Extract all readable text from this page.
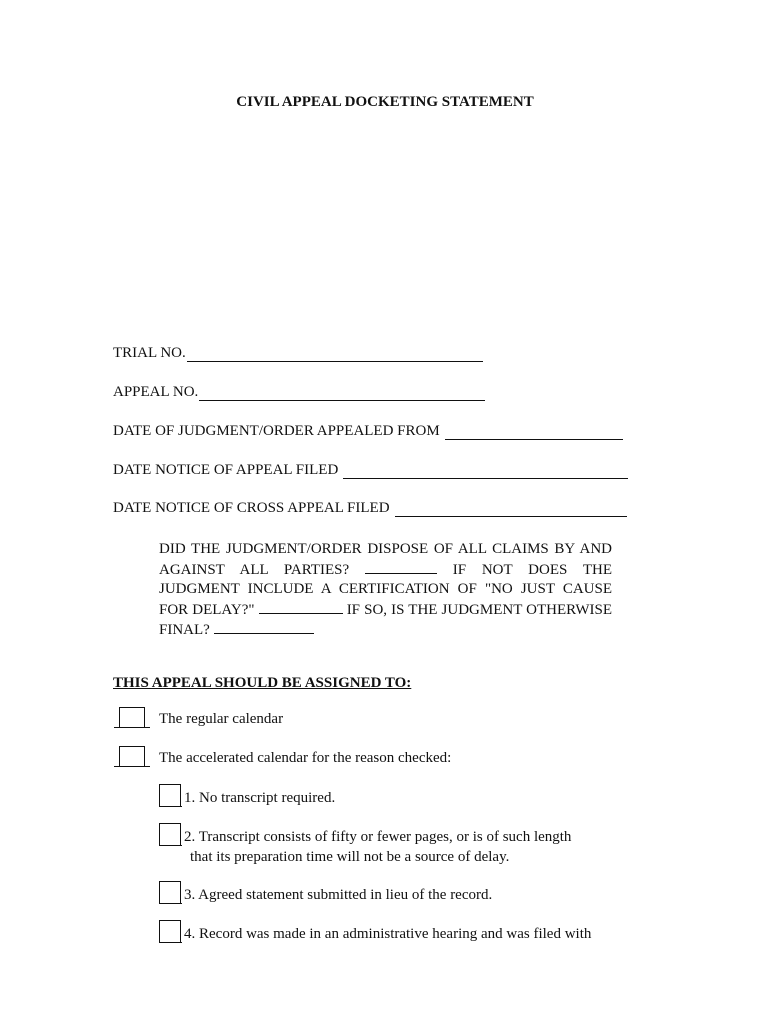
CIVIL APPEAL DOCKETING STATEMENT
TRIAL NO.
APPEAL NO.
DATE OF JUDGMENT/ORDER APPEALED FROM
DATE NOTICE OF APPEAL FILED
DATE NOTICE OF CROSS APPEAL FILED
DID THE JUDGMENT/ORDER DISPOSE OF ALL CLAIMS BY AND AGAINST ALL PARTIES?	IF NOT DOES THE JUDGMENT INCLUDE A CERTIFICATION OF "NO JUST CAUSE FOR DELAY?"	IF SO, IS THE JUDGMENT OTHERWISE FINAL?
THIS APPEAL SHOULD BE ASSIGNED TO:
The regular calendar
The accelerated calendar for the reason checked:
1. No transcript required.
2. Transcript consists of fifty or fewer pages, or is of such length
that its preparation time will not be a source of delay.
3. Agreed statement submitted in lieu of the record.
4. Record was made in an administrative hearing and was filed with
